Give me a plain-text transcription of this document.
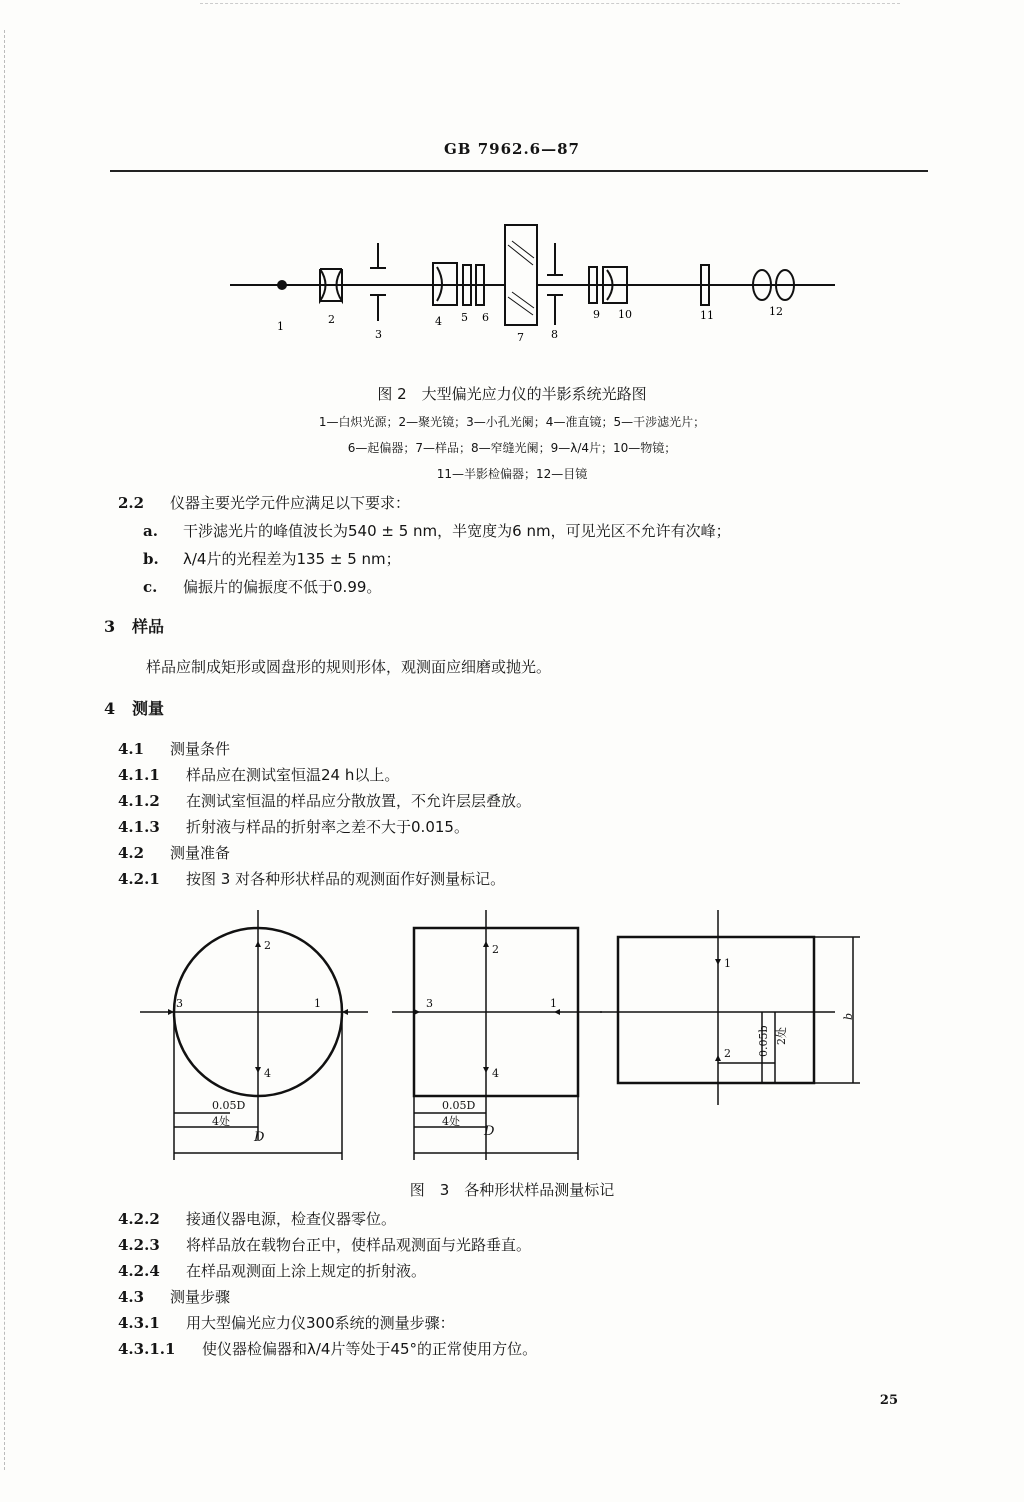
GB 7962.6—87
1
2
3
4 5 6
7 8
9 10	11	12
图 2　大型偏光应力仪的半影系统光路图
1—白炽光源；2—聚光镜；3—小孔光阑；4—准直镜；5—干涉滤光片；
6—起偏器；7—样品；8—窄缝光阑；9—λ/4片；10—物镜；
11—半影检偏器；12—目镜
2.2 仪器主要光学元件应满足以下要求：
a. 干涉滤光片的峰值波长为540 ± 5 nm，半宽度为6 nm，可见光区不允许有次峰；
b. λ/4片的光程差为135 ± 5 nm；
c. 偏振片的偏振度不低于0.99。
3 样品
样品应制成矩形或圆盘形的规则形体，观测面应细磨或抛光。
4 测量
4.1 测量条件
4.1.1 样品应在测试室恒温24 h以上。
4.1.2 在测试室恒温的样品应分散放置，不允许层层叠放。
4.1.3 折射液与样品的折射率之差不大于0.015。
4.2 测量准备
4.2.1 按图 3 对各种形状样品的观测面作好测量标记。
2
3	1
4
0.05D
4处
D
2
3	1
4
0.05D
4处
D
1
2 0.05b 2处
b
图　3　各种形状样品测量标记
4.2.2 接通仪器电源，检查仪器零位。
4.2.3 将样品放在载物台正中，使样品观测面与光路垂直。
4.2.4 在样品观测面上涂上规定的折射液。
4.3 测量步骤
4.3.1 用大型偏光应力仪300系统的测量步骤：
4.3.1.1 使仪器检偏器和λ/4片等处于45°的正常使用方位。
25
